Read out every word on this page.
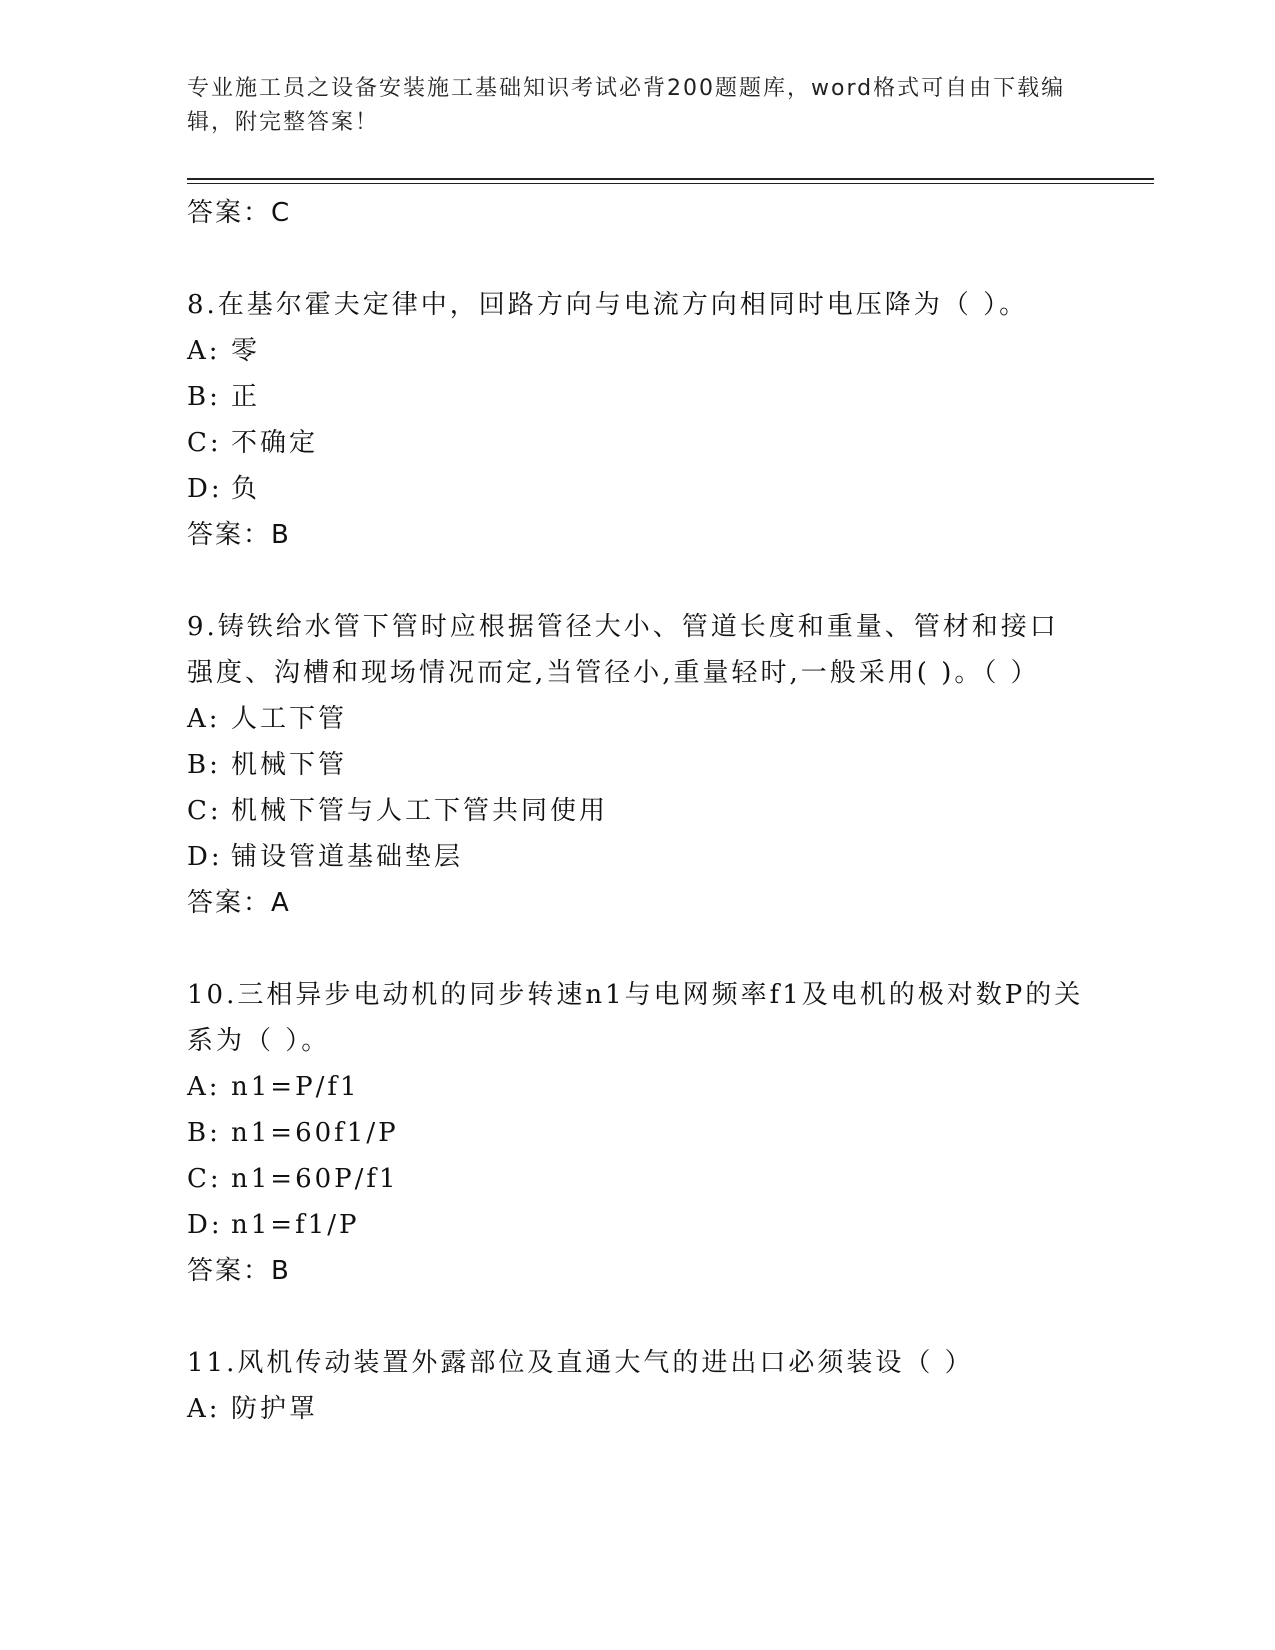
专业施工员之设备安装施工基础知识考试必背200题题库，word格式可自由下载编辑，附完整答案！
答案：C
8.在基尔霍夫定律中，回路方向与电流方向相同时电压降为（ ）。
A: 零
B: 正
C: 不确定
D: 负
答案：B
9.铸铁给水管下管时应根据管径大小、管道长度和重量、管材和接口强度、沟槽和现场情况而定,当管径小,重量轻时,一般采用( )。（ ）
A: 人工下管
B: 机械下管
C: 机械下管与人工下管共同使用
D: 铺设管道基础垫层
答案：A
10.三相异步电动机的同步转速n1与电网频率f1及电机的极对数P的关系为（ ）。
A: n1=P/f1
B: n1=60f1/P
C: n1=60P/f1
D: n1=f1/P
答案：B
11.风机传动装置外露部位及直通大气的进出口必须装设（ ）
A: 防护罩
